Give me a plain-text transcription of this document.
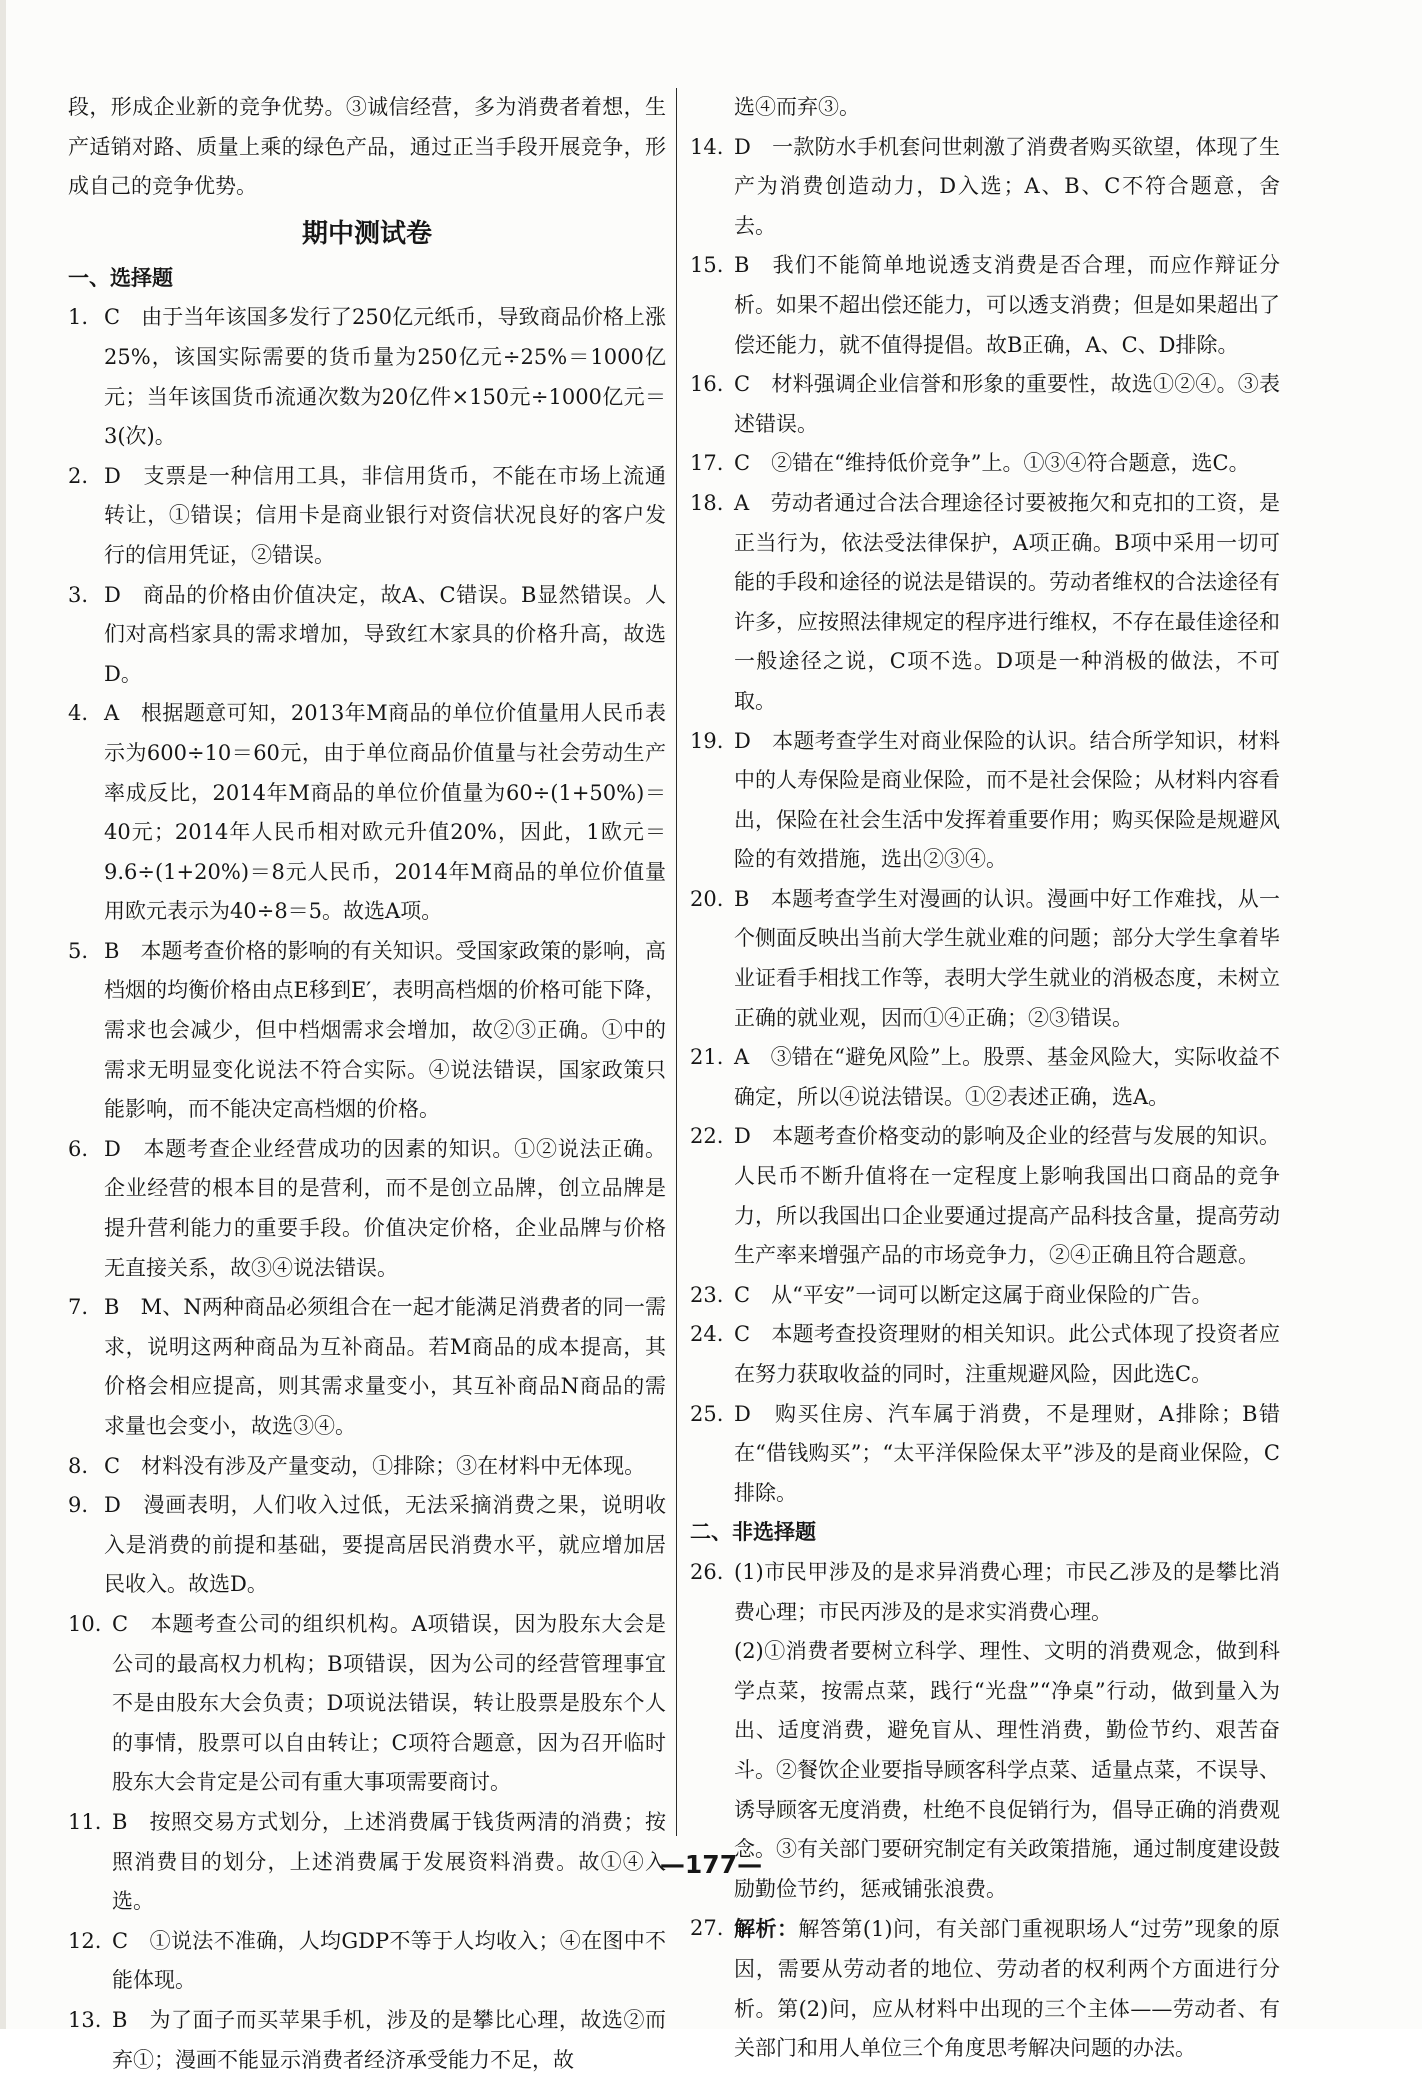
段，形成企业新的竞争优势。③诚信经营，多为消费者着想，生产适销对路、质量上乘的绿色产品，通过正当手段开展竞争，形成自己的竞争优势。
期中测试卷
一、选择题
1. C　由于当年该国多发行了250亿元纸币，导致商品价格上涨25%，该国实际需要的货币量为250亿元÷25%＝1000亿元；当年该国货币流通次数为20亿件×150元÷1000亿元＝3(次)。
2. D　支票是一种信用工具，非信用货币，不能在市场上流通转让，①错误；信用卡是商业银行对资信状况良好的客户发行的信用凭证，②错误。
3. D　商品的价格由价值决定，故A、C错误。B显然错误。人们对高档家具的需求增加，导致红木家具的价格升高，故选D。
4. A　根据题意可知，2013年M商品的单位价值量用人民币表示为600÷10＝60元，由于单位商品价值量与社会劳动生产率成反比，2014年M商品的单位价值量为60÷(1+50%)＝40元；2014年人民币相对欧元升值20%，因此，1欧元＝9.6÷(1+20%)＝8元人民币，2014年M商品的单位价值量用欧元表示为40÷8＝5。故选A项。
5. B　本题考查价格的影响的有关知识。受国家政策的影响，高档烟的均衡价格由点E移到E′，表明高档烟的价格可能下降，需求也会减少，但中档烟需求会增加，故②③正确。①中的需求无明显变化说法不符合实际。④说法错误，国家政策只能影响，而不能决定高档烟的价格。
6. D　本题考查企业经营成功的因素的知识。①②说法正确。企业经营的根本目的是营利，而不是创立品牌，创立品牌是提升营利能力的重要手段。价值决定价格，企业品牌与价格无直接关系，故③④说法错误。
7. B　M、N两种商品必须组合在一起才能满足消费者的同一需求，说明这两种商品为互补商品。若M商品的成本提高，其价格会相应提高，则其需求量变小，其互补商品N商品的需求量也会变小，故选③④。
8. C　材料没有涉及产量变动，①排除；③在材料中无体现。
9. D　漫画表明，人们收入过低，无法采摘消费之果，说明收入是消费的前提和基础，要提高居民消费水平，就应增加居民收入。故选D。
10. C　本题考查公司的组织机构。A项错误，因为股东大会是公司的最高权力机构；B项错误，因为公司的经营管理事宜不是由股东大会负责；D项说法错误，转让股票是股东个人的事情，股票可以自由转让；C项符合题意，因为召开临时股东大会肯定是公司有重大事项需要商讨。
11. B　按照交易方式划分，上述消费属于钱货两清的消费；按照消费目的划分，上述消费属于发展资料消费。故①④入选。
12. C　①说法不准确，人均GDP不等于人均收入；④在图中不能体现。
13. B　为了面子而买苹果手机，涉及的是攀比心理，故选②而弃①；漫画不能显示消费者经济承受能力不足，故
选④而弃③。
14. D　一款防水手机套问世刺激了消费者购买欲望，体现了生产为消费创造动力，D入选；A、B、C不符合题意，舍去。
15. B　我们不能简单地说透支消费是否合理，而应作辩证分析。如果不超出偿还能力，可以透支消费；但是如果超出了偿还能力，就不值得提倡。故B正确，A、C、D排除。
16. C　材料强调企业信誉和形象的重要性，故选①②④。③表述错误。
17. C　②错在“维持低价竞争”上。①③④符合题意，选C。
18. A　劳动者通过合法合理途径讨要被拖欠和克扣的工资，是正当行为，依法受法律保护，A项正确。B项中采用一切可能的手段和途径的说法是错误的。劳动者维权的合法途径有许多，应按照法律规定的程序进行维权，不存在最佳途径和一般途径之说，C项不选。D项是一种消极的做法，不可取。
19. D　本题考查学生对商业保险的认识。结合所学知识，材料中的人寿保险是商业保险，而不是社会保险；从材料内容看出，保险在社会生活中发挥着重要作用；购买保险是规避风险的有效措施，选出②③④。
20. B　本题考查学生对漫画的认识。漫画中好工作难找，从一个侧面反映出当前大学生就业难的问题；部分大学生拿着毕业证看手相找工作等，表明大学生就业的消极态度，未树立正确的就业观，因而①④正确；②③错误。
21. A　③错在“避免风险”上。股票、基金风险大，实际收益不确定，所以④说法错误。①②表述正确，选A。
22. D　本题考查价格变动的影响及企业的经营与发展的知识。人民币不断升值将在一定程度上影响我国出口商品的竞争力，所以我国出口企业要通过提高产品科技含量，提高劳动生产率来增强产品的市场竞争力，②④正确且符合题意。
23. C　从“平安”一词可以断定这属于商业保险的广告。
24. C　本题考查投资理财的相关知识。此公式体现了投资者应在努力获取收益的同时，注重规避风险，因此选C。
25. D　购买住房、汽车属于消费，不是理财，A排除；B错在“借钱购买”；“太平洋保险保太平”涉及的是商业保险，C排除。
二、非选择题
26. (1)市民甲涉及的是求异消费心理；市民乙涉及的是攀比消费心理；市民丙涉及的是求实消费心理。
(2)①消费者要树立科学、理性、文明的消费观念，做到科学点菜，按需点菜，践行“光盘”“净桌”行动，做到量入为出、适度消费，避免盲从、理性消费，勤俭节约、艰苦奋斗。②餐饮企业要指导顾客科学点菜、适量点菜，不误导、诱导顾客无度消费，杜绝不良促销行为，倡导正确的消费观念。③有关部门要研究制定有关政策措施，通过制度建设鼓励勤俭节约，惩戒铺张浪费。
27. 解析：解答第(1)问，有关部门重视职场人“过劳”现象的原因，需要从劳动者的地位、劳动者的权利两个方面进行分析。第(2)问，应从材料中出现的三个主体——劳动者、有关部门和用人单位三个角度思考解决问题的办法。
—177—
